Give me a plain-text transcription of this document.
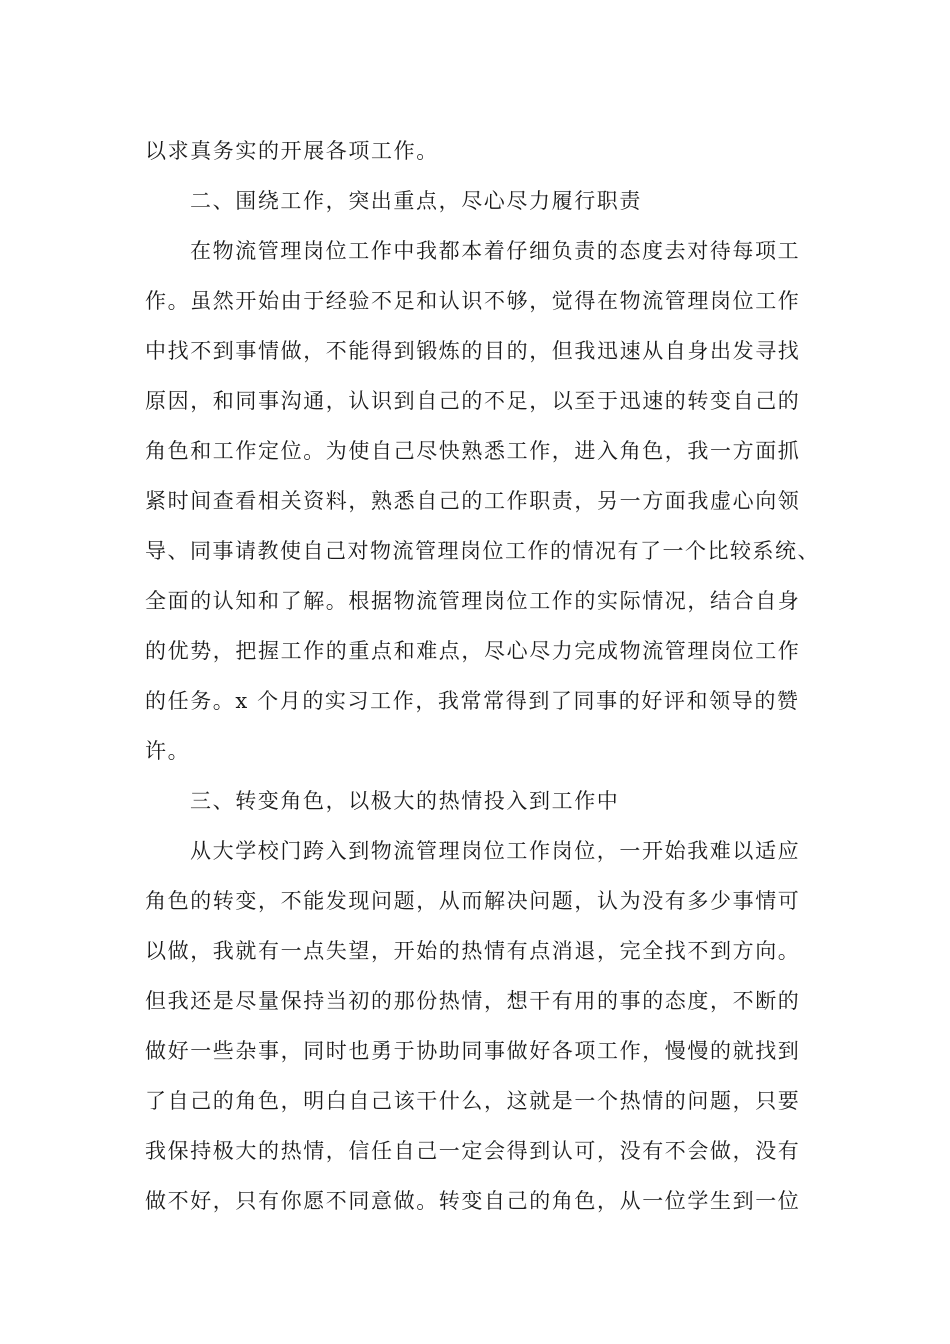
以求真务实的开展各项工作。
二、围绕工作，突出重点，尽心尽力履行职责
在物流管理岗位工作中我都本着仔细负责的态度去对待每项工
作。虽然开始由于经验不足和认识不够，觉得在物流管理岗位工作
中找不到事情做，不能得到锻炼的目的，但我迅速从自身出发寻找
原因，和同事沟通，认识到自己的不足，以至于迅速的转变自己的
角色和工作定位。为使自己尽快熟悉工作，进入角色，我一方面抓
紧时间查看相关资料，熟悉自己的工作职责，另一方面我虚心向领
导、同事请教使自己对物流管理岗位工作的情况有了一个比较系统、
全面的认知和了解。根据物流管理岗位工作的实际情况，结合自身
的优势，把握工作的重点和难点，尽心尽力完成物流管理岗位工作
的任务。x 个月的实习工作，我常常得到了同事的好评和领导的赞
许。
三、转变角色，以极大的热情投入到工作中
从大学校门跨入到物流管理岗位工作岗位，一开始我难以适应
角色的转变，不能发现问题，从而解决问题，认为没有多少事情可
以做，我就有一点失望，开始的热情有点消退，完全找不到方向。
但我还是尽量保持当初的那份热情，想干有用的事的态度，不断的
做好一些杂事，同时也勇于协助同事做好各项工作，慢慢的就找到
了自己的角色，明白自己该干什么，这就是一个热情的问题，只要
我保持极大的热情，信任自己一定会得到认可，没有不会做，没有
做不好，只有你愿不同意做。转变自己的角色，从一位学生到一位
